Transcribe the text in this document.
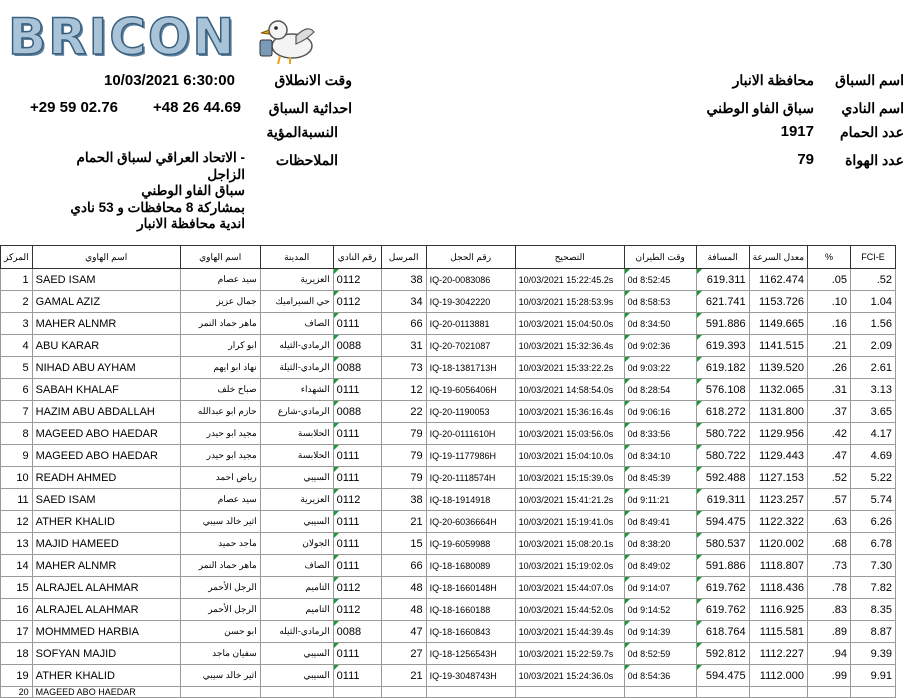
BRICON
اسم السباق
محافظة الانبار
اسم النادي
سباق الفاو الوطني
عدد الحمام
1917
عدد الهواة
79
وقت الانطلاق
10/03/2021 6:30:00
احداثية السباق
+29 59 02.76 +48 26 44.69
النسبةالمؤية
الملاحظات
- الاتحاد العراقي لسباق الحمام الزاجل
سباق الفاو الوطني
بمشاركة 8 محافظات و 53 نادي
اندية محافظة الانبار
المركز	اسم الهاوي	اسم الهاوي	المدينة	رقم النادي	المرسل	رقم الحجل	التصحيح	وقت الطيران	المسافة	معدل السرعة	%	FCI-E
1	SAED ISAM	سيد عصام	العزيرية	0112	38	IQ-20-0083086	10/03/2021 15:22:45.2s	0d 8:52:45	619.311	1162.474	.05	.52
2	GAMAL AZIZ	جمال عزيز	حي السيراميك	0112	34	IQ-19-3042220	10/03/2021 15:28:53.9s	0d 8:58:53	621.741	1153.726	.10	1.04
3	MAHER ALNMR	ماهر حماد النمر	الصاف	0111	66	IQ-20-0113881	10/03/2021 15:04:50.0s	0d 8:34:50	591.886	1149.665	.16	1.56
4	ABU KARAR	ابو كرار	الرمادي-الثيله	0088	31	IQ-20-7021087	10/03/2021 15:32:36.4s	0d 9:02:36	619.393	1141.515	.21	2.09
5	NIHAD ABU AYHAM	نهاد ابو ايهم	الرمادي-الثيلة	0088	73	IQ-18-1381713H	10/03/2021 15:33:22.2s	0d 9:03:22	619.182	1139.520	.26	2.61
6	SABAH KHALAF	صباح خلف	الشهداء	0111	12	IQ-19-6056406H	10/03/2021 14:58:54.0s	0d 8:28:54	576.108	1132.065	.31	3.13
7	HAZIM ABU ABDALLAH	حازم ابو عبدالله	الرمادي-شارع	0088	22	IQ-20-1190053	10/03/2021 15:36:16.4s	0d 9:06:16	618.272	1131.800	.37	3.65
8	MAGEED ABO HAEDAR	مجيد ابو حيدر	الحلابسة	0111	79	IQ-20-0111610H	10/03/2021 15:03:56.0s	0d 8:33:56	580.722	1129.956	.42	4.17
9	MAGEED ABO HAEDAR	مجيد ابو حيدر	الحلابسة	0111	79	IQ-19-1177986H	10/03/2021 15:04:10.0s	0d 8:34:10	580.722	1129.443	.47	4.69
10	READH AHMED	رياض احمد	السيبي	0111	79	IQ-20-1118574H	10/03/2021 15:15:39.0s	0d 8:45:39	592.488	1127.153	.52	5.22
11	SAED ISAM	سيد عصام	العزيرية	0112	38	IQ-18-1914918	10/03/2021 15:41:21.2s	0d 9:11:21	619.311	1123.257	.57	5.74
12	ATHER KHALID	اثير خالد سيبي	السيبي	0111	21	IQ-20-6036664H	10/03/2021 15:19:41.0s	0d 8:49:41	594.475	1122.322	.63	6.26
13	MAJID HAMEED	ماجد حميد	الجولان	0111	15	IQ-19-6059988	10/03/2021 15:08:20.1s	0d 8:38:20	580.537	1120.002	.68	6.78
14	MAHER ALNMR	ماهر حماد النمر	الصاف	0111	66	IQ-18-1680089	10/03/2021 15:19:02.0s	0d 8:49:02	591.886	1118.807	.73	7.30
15	ALRAJEL ALAHMAR	الرجل الأحمر	التاميم	0112	48	IQ-18-1660148H	10/03/2021 15:44:07.0s	0d 9:14:07	619.762	1118.436	.78	7.82
16	ALRAJEL ALAHMAR	الرجل الأحمر	التاميم	0112	48	IQ-18-1660188	10/03/2021 15:44:52.0s	0d 9:14:52	619.762	1116.925	.83	8.35
17	MOHMMED HARBIA	ابو حسن	الرمادي-الثيله	0088	47	IQ-18-1660843	10/03/2021 15:44:39.4s	0d 9:14:39	618.764	1115.581	.89	8.87
18	SOFYAN MAJID	سفيان ماجد	السيبي	0111	27	IQ-18-1256543H	10/03/2021 15:22:59.7s	0d 8:52:59	592.812	1112.227	.94	9.39
19	ATHER KHALID	اثير خالد سيبي	السيبي	0111	21	IQ-19-3048743H	10/03/2021 15:24:36.0s	0d 8:54:36	594.475	1112.000	.99	9.91
20	MAGEED ABO HAEDAR											
